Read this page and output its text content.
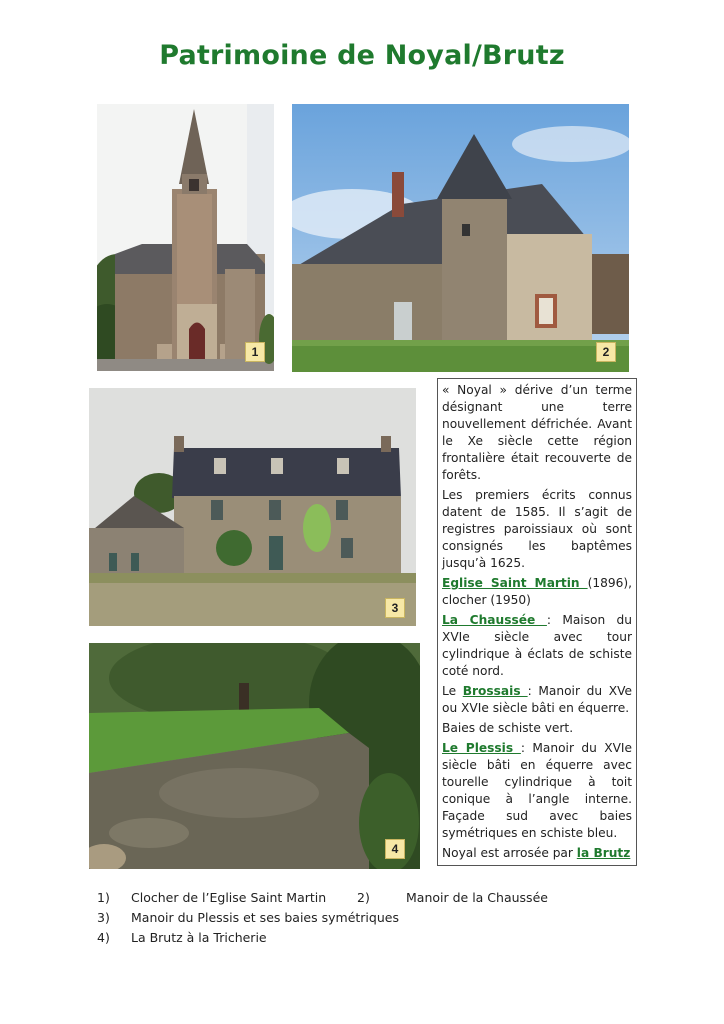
Patrimoine de Noyal/Brutz
1	2
3
4

« Noyal » dérive d’un terme désignant une terre nouvellement défrichée. Avant le Xe siècle cette région frontalière était recouverte de forêts.

Les premiers écrits connus datent de 1585. Il s’agit de registres paroissiaux où sont consignés les baptêmes jusqu’à 1625.

Eglise Saint Martin (1896), clocher (1950)

La Chaussée : Maison du XVIe siècle avec tour cylindrique à éclats de schiste coté nord.

Le Brossais : Manoir du XVe ou XVIe siècle bâti en équerre.

Baies de schiste vert.

Le Plessis : Manoir du XVIe siècle bâti en équerre avec tourelle cylindrique à toit conique à l’angle interne. Façade sud avec baies symétriques en schiste bleu.

Noyal est arrosée par la Brutz

1) Clocher de l’Eglise Saint Martin 2)	Manoir de la Chaussée
3) Manoir du Plessis et ses baies symétriques
4) La Brutz à la Tricherie
